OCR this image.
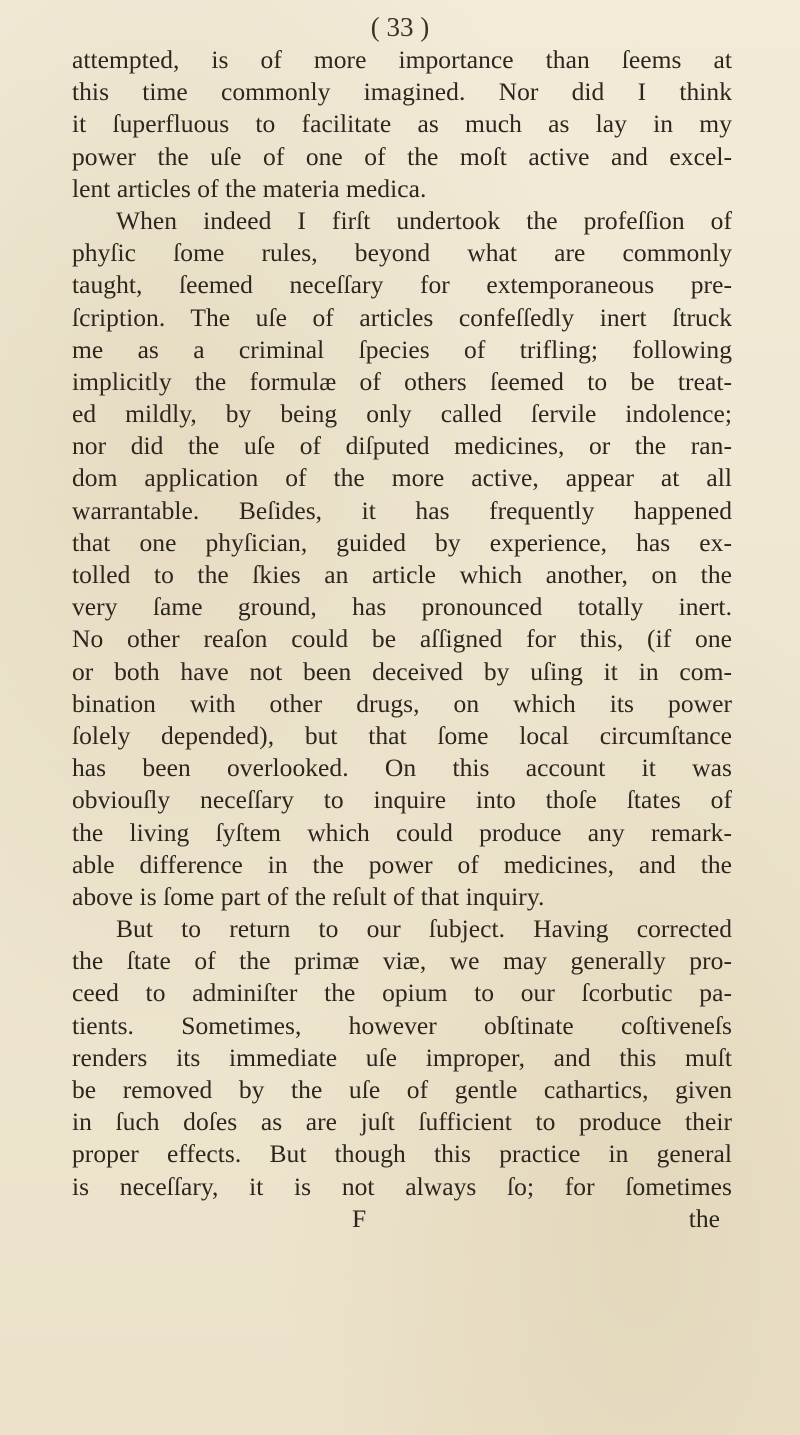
( 33 )
attempted, is of more importance than ſeems at
this time commonly imagined. Nor did I think
it ſuperfluous to facilitate as much as lay in my
power the uſe of one of the moſt active and excel-
lent articles of the materia medica.
When indeed I firſt undertook the profeſſion of
phyſic ſome rules, beyond what are commonly
taught, ſeemed neceſſary for extemporaneous pre-
ſcription. The uſe of articles confeſſedly inert ſtruck
me as a criminal ſpecies of trifling; following
implicitly the formulæ of others ſeemed to be treat-
ed mildly, by being only called ſervile indolence;
nor did the uſe of diſputed medicines, or the ran-
dom application of the more active, appear at all
warrantable. Beſides, it has frequently happened
that one phyſician, guided by experience, has ex-
tolled to the ſkies an article which another, on the
very ſame ground, has pronounced totally inert.
No other reaſon could be aſſigned for this, (if one
or both have not been deceived by uſing it in com-
bination with other drugs, on which its power
ſolely depended), but that ſome local circumſtance
has been overlooked. On this account it was
obviouſly neceſſary to inquire into thoſe ſtates of
the living ſyſtem which could produce any remark-
able difference in the power of medicines, and the
above is ſome part of the reſult of that inquiry.
But to return to our ſubject. Having corrected
the ſtate of the primæ viæ, we may generally pro-
ceed to adminiſter the opium to our ſcorbutic pa-
tients. Sometimes, however obſtinate coſtiveneſs
renders its immediate uſe improper, and this muſt
be removed by the uſe of gentle cathartics, given
in ſuch doſes as are juſt ſufficient to produce their
proper effects. But though this practice in general
is neceſſary, it is not always ſo; for ſometimes
F	the
